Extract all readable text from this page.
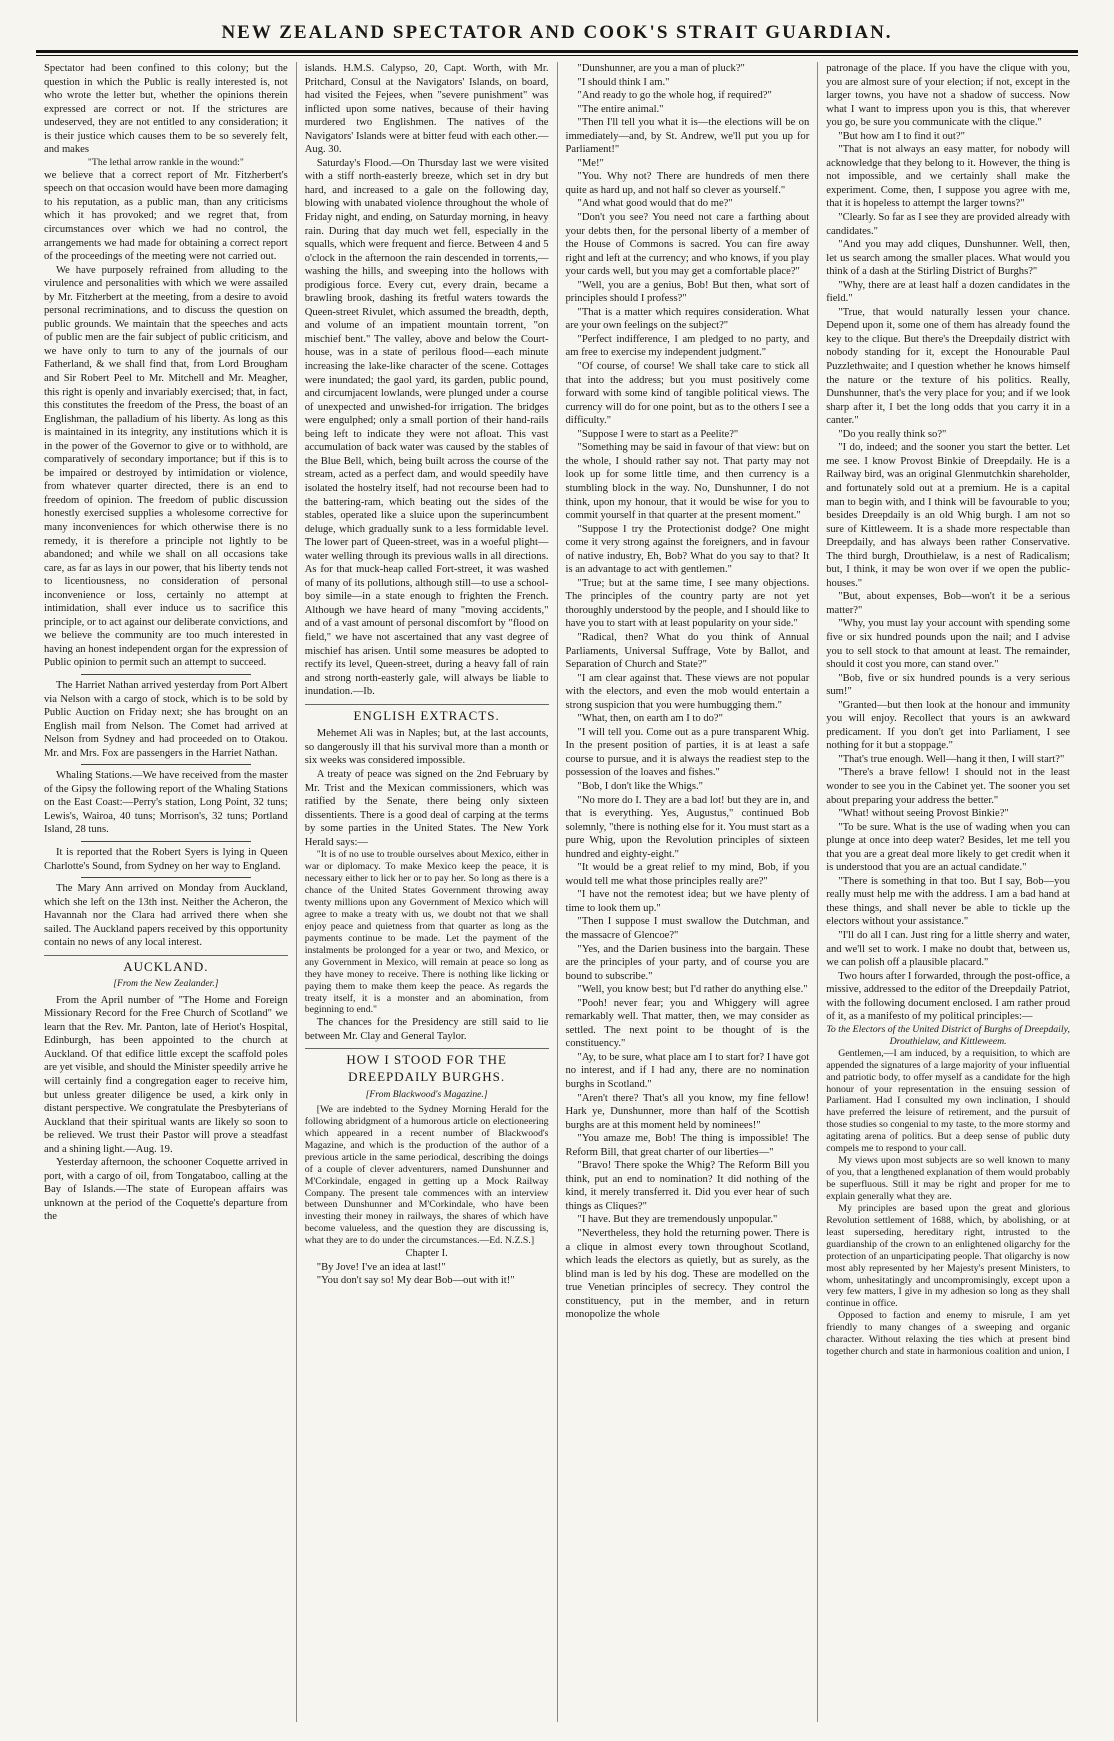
NEW ZEALAND SPECTATOR AND COOK'S STRAIT GUARDIAN.

Spectator had been confined to this colony; but the question in which the Public is really interested is, not who wrote the letter but, whether the opinions therein expressed are correct or not. If the strictures are undeserved, they are not entitled to any consideration; it is their justice which causes them to be so severely felt, and makes

"The lethal arrow rankle in the wound:"

we believe that a correct report of Mr. Fitzherbert's speech on that occasion would have been more damaging to his reputation, as a public man, than any criticisms which it has provoked; and we regret that, from circumstances over which we had no control, the arrangements we had made for obtaining a correct report of the proceedings of the meeting were not carried out.

We have purposely refrained from alluding to the virulence and personalities with which we were assailed by Mr. Fitzherbert at the meeting, from a desire to avoid personal recriminations, and to discuss the question on public grounds. We maintain that the speeches and acts of public men are the fair subject of public criticism, and we have only to turn to any of the journals of our Fatherland, & we shall find that, from Lord Brougham and Sir Robert Peel to Mr. Mitchell and Mr. Meagher, this right is openly and invariably exercised; that, in fact, this constitutes the freedom of the Press, the boast of an Englishman, the palladium of his liberty. As long as this is maintained in its integrity, any institutions which it is in the power of the Governor to give or to withhold, are comparatively of secondary importance; but if this is to be impaired or destroyed by intimidation or violence, from whatever quarter directed, there is an end to freedom of opinion. The freedom of public discussion honestly exercised supplies a wholesome corrective for many inconveniences for which otherwise there is no remedy, it is therefore a principle not lightly to be abandoned; and while we shall on all occasions take care, as far as lays in our power, that his liberty tends not to licentiousness, no consideration of personal inconvenience or loss, certainly no attempt at intimidation, shall ever induce us to sacrifice this principle, or to act against our deliberate convictions, and we believe the community are too much interested in having an honest independent organ for the expression of Public opinion to permit such an attempt to succeed.

The Harriet Nathan arrived yesterday from Port Albert via Nelson with a cargo of stock, which is to be sold by Public Auction on Friday next; she has brought on an English mail from Nelson. The Comet had arrived at Nelson from Sydney and had proceeded on to Otakou. Mr. and Mrs. Fox are passengers in the Harriet Nathan.

Whaling Stations.—We have received from the master of the Gipsy the following report of the Whaling Stations on the East Coast:—Perry's station, Long Point, 32 tuns; Lewis's, Wairoa, 40 tuns; Morrison's, 32 tuns; Portland Island, 28 tuns.

It is reported that the Robert Syers is lying in Queen Charlotte's Sound, from Sydney on her way to England.

The Mary Ann arrived on Monday from Auckland, which she left on the 13th inst. Neither the Acheron, the Havannah nor the Clara had arrived there when she sailed. The Auckland papers received by this opportunity contain no news of any local interest.

AUCKLAND.
[From the New Zealander.]

From the April number of "The Home and Foreign Missionary Record for the Free Church of Scotland" we learn that the Rev. Mr. Panton, late of Heriot's Hospital, Edinburgh, has been appointed to the church at Auckland. Of that edifice little except the scaffold poles are yet visible, and should the Minister speedily arrive he will certainly find a congregation eager to receive him, but unless greater diligence be used, a kirk only in distant perspective. We congratulate the Presbyterians of Auckland that their spiritual wants are likely so soon to be relieved. We trust their Pastor will prove a steadfast and a shining light.—Aug. 19.

Yesterday afternoon, the schooner Coquette arrived in port, with a cargo of oil, from Tongataboo, calling at the Bay of Islands.—The state of European affairs was unknown at the period of the Coquette's departure from the

islands. H.M.S. Calypso, 20, Capt. Worth, with Mr. Pritchard, Consul at the Navigators' Islands, on board, had visited the Fejees, when "severe punishment" was inflicted upon some natives, because of their having murdered two Englishmen. The natives of the Navigators' Islands were at bitter feud with each other.—Aug. 30.

Saturday's Flood.—On Thursday last we were visited with a stiff north-easterly breeze, which set in dry but hard, and increased to a gale on the following day, blowing with unabated violence throughout the whole of Friday night, and ending, on Saturday morning, in heavy rain. During that day much wet fell, especially in the squalls, which were frequent and fierce. Between 4 and 5 o'clock in the afternoon the rain descended in torrents,—washing the hills, and sweeping into the hollows with prodigious force. Every cut, every drain, became a brawling brook, dashing its fretful waters towards the Queen-street Rivulet, which assumed the breadth, depth, and volume of an impatient mountain torrent, "on mischief bent." The valley, above and below the Court-house, was in a state of perilous flood—each minute increasing the lake-like character of the scene. Cottages were inundated; the gaol yard, its garden, public pound, and circumjacent lowlands, were plunged under a course of unexpected and unwished-for irrigation. The bridges were engulphed; only a small portion of their hand-rails being left to indicate they were not afloat. This vast accumulation of back water was caused by the stables of the Blue Bell, which, being built across the course of the stream, acted as a perfect dam, and would speedily have isolated the hostelry itself, had not recourse been had to the battering-ram, which beating out the sides of the stables, operated like a sluice upon the superincumbent deluge, which gradually sunk to a less formidable level. The lower part of Queen-street, was in a woeful plight—water welling through its previous walls in all directions. As for that muck-heap called Fort-street, it was washed of many of its pollutions, although still—to use a school-boy simile—in a state enough to frighten the French. Although we have heard of many "moving accidents," and of a vast amount of personal discomfort by "flood on field," we have not ascertained that any vast degree of mischief has arisen. Until some measures be adopted to rectify its level, Queen-street, during a heavy fall of rain and strong north-easterly gale, will always be liable to inundation.—Ib.

ENGLISH EXTRACTS.

Mehemet Ali was in Naples; but, at the last accounts, so dangerously ill that his survival more than a month or six weeks was considered impossible.

A treaty of peace was signed on the 2nd February by Mr. Trist and the Mexican commissioners, which was ratified by the Senate, there being only sixteen dissentients. There is a good deal of carping at the terms by some parties in the United States. The New York Herald says:—

"It is of no use to trouble ourselves about Mexico, either in war or diplomacy. To make Mexico keep the peace, it is necessary either to lick her or to pay her. So long as there is a chance of the United States Government throwing away twenty millions upon any Government of Mexico which will agree to make a treaty with us, we doubt not that we shall enjoy peace and quietness from that quarter as long as the payments continue to be made. Let the payment of the instalments be prolonged for a year or two, and Mexico, or any Government in Mexico, will remain at peace so long as they have money to receive. There is nothing like licking or paying them to make them keep the peace. As regards the treaty itself, it is a monster and an abomination, from beginning to end."

The chances for the Presidency are still said to lie between Mr. Clay and General Taylor.

HOW I STOOD FOR THE DREEPDAILY BURGHS.
[From Blackwood's Magazine.]

[We are indebted to the Sydney Morning Herald for the following abridgment of a humorous article on electioneering which appeared in a recent number of Blackwood's Magazine, and which is the production of the author of a previous article in the same periodical, describing the doings of a couple of clever adventurers, named Dunshunner and M'Corkindale, engaged in getting up a Mock Railway Company. The present tale commences with an interview between Dunshunner and M'Corkindale, who have been investing their money in railways, the shares of which have become valueless, and the question they are discussing is, what they are to do under the circumstances.—Ed. N.Z.S.]

Chapter I.

"By Jove! I've an idea at last!"

"You don't say so! My dear Bob—out with it!"

"Dunshunner, are you a man of pluck?"

"I should think I am."

"And ready to go the whole hog, if required?"

"The entire animal."

"Then I'll tell you what it is—the elections will be on immediately—and, by St. Andrew, we'll put you up for Parliament!"

"Me!"

"You. Why not? There are hundreds of men there quite as hard up, and not half so clever as yourself."

"And what good would that do me?"

"Don't you see? You need not care a farthing about your debts then, for the personal liberty of a member of the House of Commons is sacred. You can fire away right and left at the currency; and who knows, if you play your cards well, but you may get a comfortable place?"

"Well, you are a genius, Bob! But then, what sort of principles should I profess?"

"That is a matter which requires consideration. What are your own feelings on the subject?"

"Perfect indifference, I am pledged to no party, and am free to exercise my independent judgment."

"Of course, of course! We shall take care to stick all that into the address; but you must positively come forward with some kind of tangible political views. The currency will do for one point, but as to the others I see a difficulty."

"Suppose I were to start as a Peelite?"

"Something may be said in favour of that view: but on the whole, I should rather say not. That party may not look up for some little time, and then currency is a stumbling block in the way. No, Dunshunner, I do not think, upon my honour, that it would be wise for you to commit yourself in that quarter at the present moment."

"Suppose I try the Protectionist dodge? One might come it very strong against the foreigners, and in favour of native industry, Eh, Bob? What do you say to that? It is an advantage to act with gentlemen."

"True; but at the same time, I see many objections. The principles of the country party are not yet thoroughly understood by the people, and I should like to have you to start with at least popularity on your side."

"Radical, then? What do you think of Annual Parliaments, Universal Suffrage, Vote by Ballot, and Separation of Church and State?"

"I am clear against that. These views are not popular with the electors, and even the mob would entertain a strong suspicion that you were humbugging them."

"What, then, on earth am I to do?"

"I will tell you. Come out as a pure transparent Whig. In the present position of parties, it is at least a safe course to pursue, and it is always the readiest step to the possession of the loaves and fishes."

"Bob, I don't like the Whigs."

"No more do I. They are a bad lot! but they are in, and that is everything. Yes, Augustus," continued Bob solemnly, "there is nothing else for it. You must start as a pure Whig, upon the Revolution principles of sixteen hundred and eighty-eight."

"It would be a great relief to my mind, Bob, if you would tell me what those principles really are?"

"I have not the remotest idea; but we have plenty of time to look them up."

"Then I suppose I must swallow the Dutchman, and the massacre of Glencoe?"

"Yes, and the Darien business into the bargain. These are the principles of your party, and of course you are bound to subscribe."

"Well, you know best; but I'd rather do anything else."

"Pooh! never fear; you and Whiggery will agree remarkably well. That matter, then, we may consider as settled. The next point to be thought of is the constituency."

"Ay, to be sure, what place am I to start for? I have got no interest, and if I had any, there are no nomination burghs in Scotland."

"Aren't there? That's all you know, my fine fellow! Hark ye, Dunshunner, more than half of the Scottish burghs are at this moment held by nominees!"

"You amaze me, Bob! The thing is impossible! The Reform Bill, that great charter of our liberties—"

"Bravo! There spoke the Whig? The Reform Bill you think, put an end to nomination? It did nothing of the kind, it merely transferred it. Did you ever hear of such things as Cliques?"

"I have. But they are tremendously unpopular."

"Nevertheless, they hold the returning power. There is a clique in almost every town throughout Scotland, which leads the electors as quietly, but as surely, as the blind man is led by his dog. These are modelled on the true Venetian principles of secrecy. They control the constituency, put in the member, and in return monopolize the whole

patronage of the place. If you have the clique with you, you are almost sure of your election; if not, except in the larger towns, you have not a shadow of success. Now what I want to impress upon you is this, that wherever you go, be sure you communicate with the clique."

"But how am I to find it out?"

"That is not always an easy matter, for nobody will acknowledge that they belong to it. However, the thing is not impossible, and we certainly shall make the experiment. Come, then, I suppose you agree with me, that it is hopeless to attempt the larger towns?"

"Clearly. So far as I see they are provided already with candidates."

"And you may add cliques, Dunshunner. Well, then, let us search among the smaller places. What would you think of a dash at the Stirling District of Burghs?"

"Why, there are at least half a dozen candidates in the field."

"True, that would naturally lessen your chance. Depend upon it, some one of them has already found the key to the clique. But there's the Dreepdaily district with nobody standing for it, except the Honourable Paul Puzzlethwaite; and I question whether he knows himself the nature or the texture of his politics. Really, Dunshunner, that's the very place for you; and if we look sharp after it, I bet the long odds that you carry it in a canter."

"Do you really think so?"

"I do, indeed; and the sooner you start the better. Let me see. I know Provost Binkie of Dreepdaily. He is a Railway bird, was an original Glenmutchkin shareholder, and fortunately sold out at a premium. He is a capital man to begin with, and I think will be favourable to you; besides Dreepdaily is an old Whig burgh. I am not so sure of Kittleweem. It is a shade more respectable than Dreepdaily, and has always been rather Conservative. The third burgh, Drouthielaw, is a nest of Radicalism; but, I think, it may be won over if we open the public-houses."

"But, about expenses, Bob—won't it be a serious matter?"

"Why, you must lay your account with spending some five or six hundred pounds upon the nail; and I advise you to sell stock to that amount at least. The remainder, should it cost you more, can stand over."

"Bob, five or six hundred pounds is a very serious sum!"

"Granted—but then look at the honour and immunity you will enjoy. Recollect that yours is an awkward predicament. If you don't get into Parliament, I see nothing for it but a stoppage."

"That's true enough. Well—hang it then, I will start?"

"There's a brave fellow! I should not in the least wonder to see you in the Cabinet yet. The sooner you set about preparing your address the better."

"What! without seeing Provost Binkie?"

"To be sure. What is the use of wading when you can plunge at once into deep water? Besides, let me tell you that you are a great deal more likely to get credit when it is understood that you are an actual candidate."

"There is something in that too. But I say, Bob—you really must help me with the address. I am a bad hand at these things, and shall never be able to tickle up the electors without your assistance."

"I'll do all I can. Just ring for a little sherry and water, and we'll set to work. I make no doubt that, between us, we can polish off a plausible placard."

Two hours after I forwarded, through the post-office, a missive, addressed to the editor of the Dreepdaily Patriot, with the following document enclosed. I am rather proud of it, as a manifesto of my political principles:—

To the Electors of the United District of Burghs of Dreepdaily, Drouthielaw, and Kittleweem.

Gentlemen,—I am induced, by a requisition, to which are appended the signatures of a large majority of your influential and patriotic body, to offer myself as a candidate for the high honour of your representation in the ensuing session of Parliament. Had I consulted my own inclination, I should have preferred the leisure of retirement, and the pursuit of those studies so congenial to my taste, to the more stormy and agitating arena of politics. But a deep sense of public duty compels me to respond to your call.

My views upon most subjects are so well known to many of you, that a lengthened explanation of them would probably be superfluous. Still it may be right and proper for me to explain generally what they are.

My principles are based upon the great and glorious Revolution settlement of 1688, which, by abolishing, or at least superseding, hereditary right, intrusted to the guardianship of the crown to an enlightened oligarchy for the protection of an unparticipating people. That oligarchy is now most ably represented by her Majesty's present Ministers, to whom, unhesitatingly and uncompromisingly, except upon a very few matters, I give in my adhesion so long as they shall continue in office.

Opposed to faction and enemy to misrule, I am yet friendly to many changes of a sweeping and organic character. Without relaxing the ties which at present bind together church and state in harmonious coalition and union, I
